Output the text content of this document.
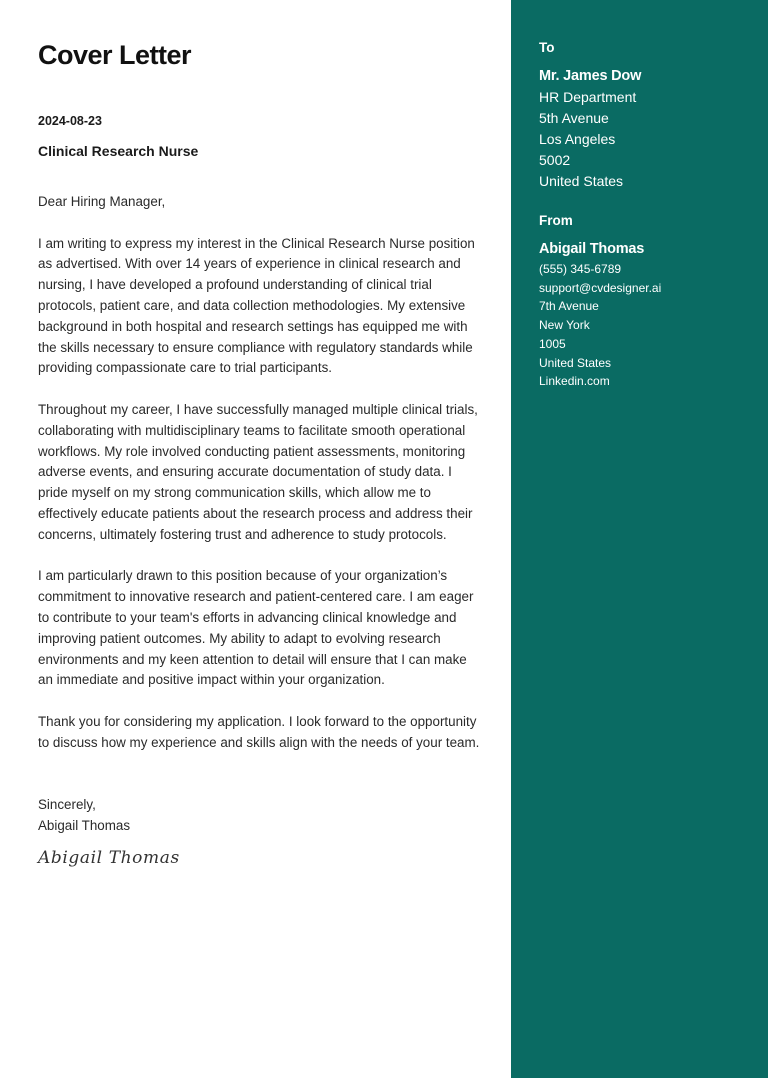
Cover Letter
2024-08-23
Clinical Research Nurse

Dear Hiring Manager,

I am writing to express my interest in the Clinical Research Nurse position as advertised. With over 14 years of experience in clinical research and nursing, I have developed a profound understanding of clinical trial protocols, patient care, and data collection methodologies. My extensive background in both hospital and research settings has equipped me with the skills necessary to ensure compliance with regulatory standards while providing compassionate care to trial participants.

Throughout my career, I have successfully managed multiple clinical trials, collaborating with multidisciplinary teams to facilitate smooth operational workflows. My role involved conducting patient assessments, monitoring adverse events, and ensuring accurate documentation of study data. I pride myself on my strong communication skills, which allow me to effectively educate patients about the research process and address their concerns, ultimately fostering trust and adherence to study protocols.

I am particularly drawn to this position because of your organization’s commitment to innovative research and patient-centered care. I am eager to contribute to your team's efforts in advancing clinical knowledge and improving patient outcomes. My ability to adapt to evolving research environments and my keen attention to detail will ensure that I can make an immediate and positive impact within your organization.

Thank you for considering my application. I look forward to the opportunity to discuss how my experience and skills align with the needs of your team.

Sincerely,
Abigail Thomas
Abigail Thomas
To
Mr. James Dow
HR Department
5th Avenue
Los Angeles
5002
United States
From
Abigail Thomas
(555) 345-6789
support@cvdesigner.ai
7th Avenue
New York
1005
United States
Linkedin.com
